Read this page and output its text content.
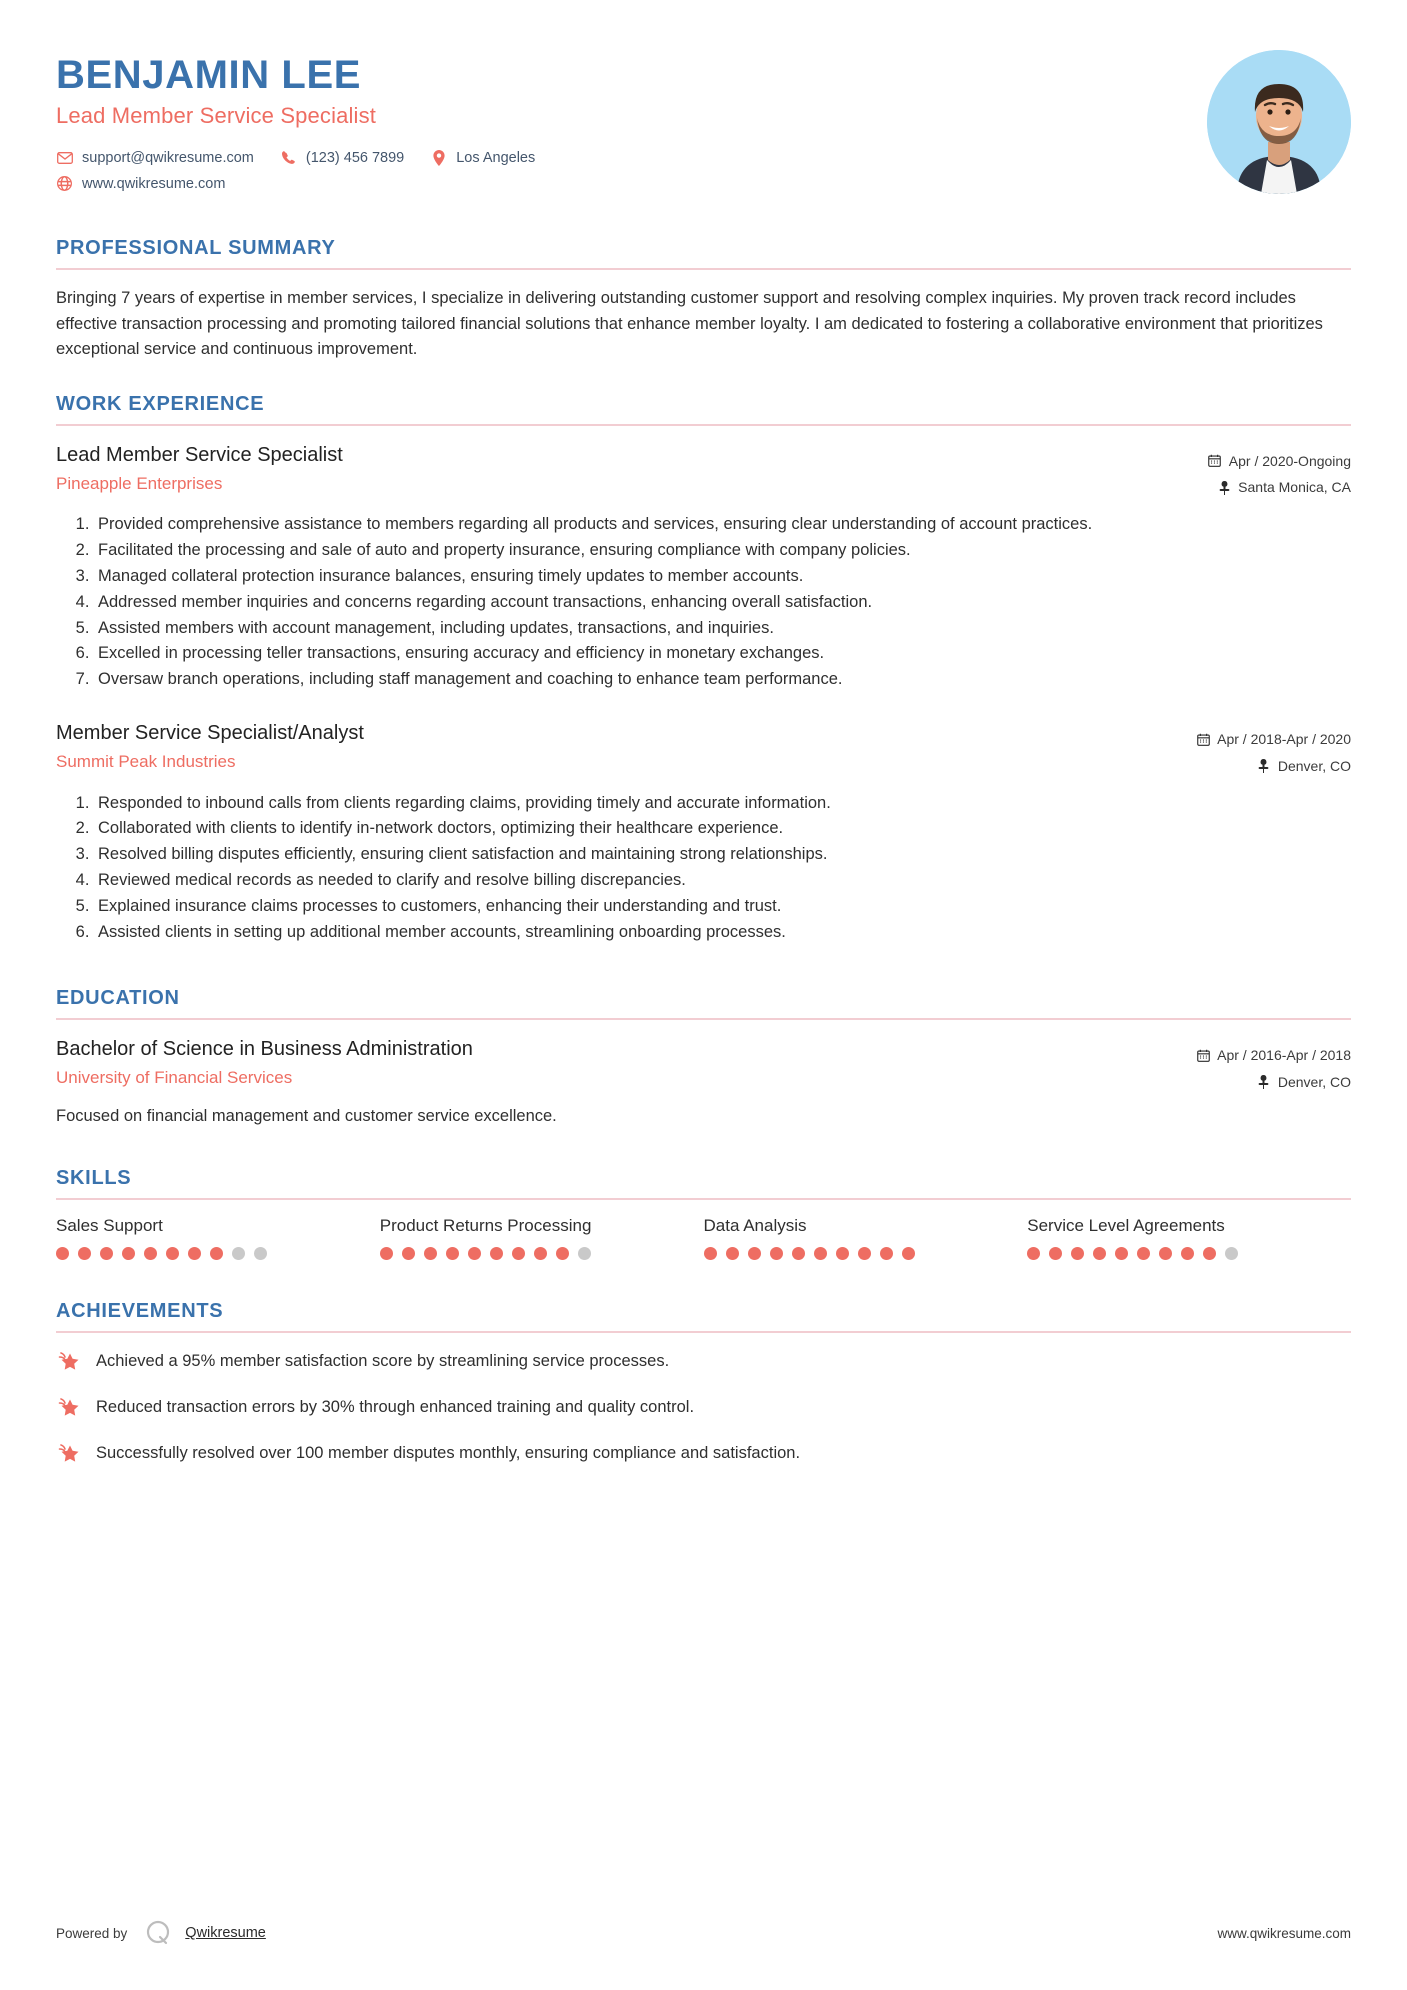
BENJAMIN LEE
Lead Member Service Specialist
support@qwikresume.com	(123) 456 7899	Los Angeles
www.qwikresume.com
PROFESSIONAL SUMMARY

Bringing 7 years of expertise in member services, I specialize in delivering outstanding customer support and resolving complex inquiries. My proven track record includes effective transaction processing and promoting tailored financial solutions that enhance member loyalty. I am dedicated to fostering a collaborative environment that prioritizes exceptional service and continuous improvement.

WORK EXPERIENCE
Lead Member Service Specialist
Pineapple Enterprises
Apr / 2020-Ongoing
Santa Monica, CA
1. Provided comprehensive assistance to members regarding all products and services, ensuring clear understanding of account practices.
2. Facilitated the processing and sale of auto and property insurance, ensuring compliance with company policies.
3. Managed collateral protection insurance balances, ensuring timely updates to member accounts.
4. Addressed member inquiries and concerns regarding account transactions, enhancing overall satisfaction.
5. Assisted members with account management, including updates, transactions, and inquiries.
6. Excelled in processing teller transactions, ensuring accuracy and efficiency in monetary exchanges.
7. Oversaw branch operations, including staff management and coaching to enhance team performance.
Member Service Specialist/Analyst
Summit Peak Industries
Apr / 2018-Apr / 2020
Denver, CO
1. Responded to inbound calls from clients regarding claims, providing timely and accurate information.
2. Collaborated with clients to identify in-network doctors, optimizing their healthcare experience.
3. Resolved billing disputes efficiently, ensuring client satisfaction and maintaining strong relationships.
4. Reviewed medical records as needed to clarify and resolve billing discrepancies.
5. Explained insurance claims processes to customers, enhancing their understanding and trust.
6. Assisted clients in setting up additional member accounts, streamlining onboarding processes.
EDUCATION
Bachelor of Science in Business Administration
University of Financial Services
Apr / 2016-Apr / 2018
Denver, CO
Focused on financial management and customer service excellence.
SKILLS
Sales Support	Product Returns Processing	Data Analysis	Service Level Agreements
ACHIEVEMENTS
Achieved a 95% member satisfaction score by streamlining service processes.
Reduced transaction errors by 30% through enhanced training and quality control.
Successfully resolved over 100 member disputes monthly, ensuring compliance and satisfaction.
Powered by	Qwikresume	www.qwikresume.com
